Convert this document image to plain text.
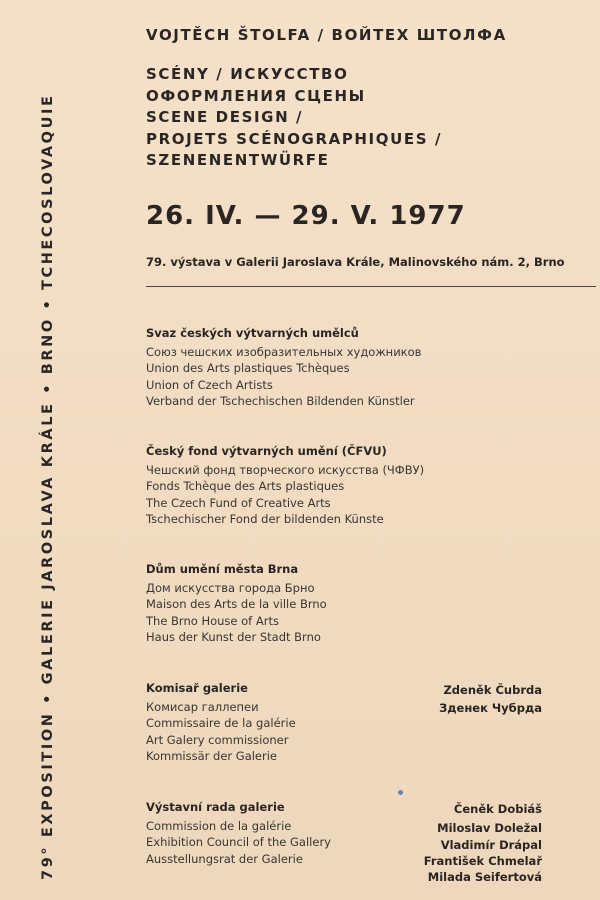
79° EXPOSITION • GALERIE JAROSLAVA KRÁLE • BRNO • TCHECOSLOVAQUIE
VOJTĚCH ŠTOLFA / ВОЙТЕХ ШТОЛФА
SCÉNY / ИСКУССТВО
ОФОРМЛЕНИЯ СЦЕНЫ
SCENE DESIGN /
PROJETS SCÉNOGRAPHIQUES /
SZENENENTWÜRFE
26. IV. — 29. V. 1977
79. výstava v Galerii Jaroslava Krále, Malinovského nám. 2, Brno
Svaz českých výtvarných umělců
Союз чешских изобразительных художников
Union des Arts plastiques Tchèques
Union of Czech Artists
Verband der Tschechischen Bildenden Künstler
Český fond výtvarných umění (ČFVU)
Чешский фонд творческого искусства (ЧФВУ)
Fonds Tchèque des Arts plastiques
The Czech Fund of Creative Arts
Tschechischer Fond der bildenden Künste
Dům umění města Brna
Дом искусства города Брно
Maison des Arts de la ville Brno
The Brno House of Arts
Haus der Kunst der Stadt Brno
Komisař galerie
Комисар галлепеи
Commissaire de la galérie
Art Galery commissioner
Kommissär der Galerie
Zdeněk Čubrda
Зденек Чубрда
Výstavní rada galerie
Commission de la galérie
Exhibition Council of the Gallery
Ausstellungsrat der Galerie
Čeněk Dobiáš
Miloslav Doležal
Vladimír Drápal
František Chmelař
Milada Seifertová
